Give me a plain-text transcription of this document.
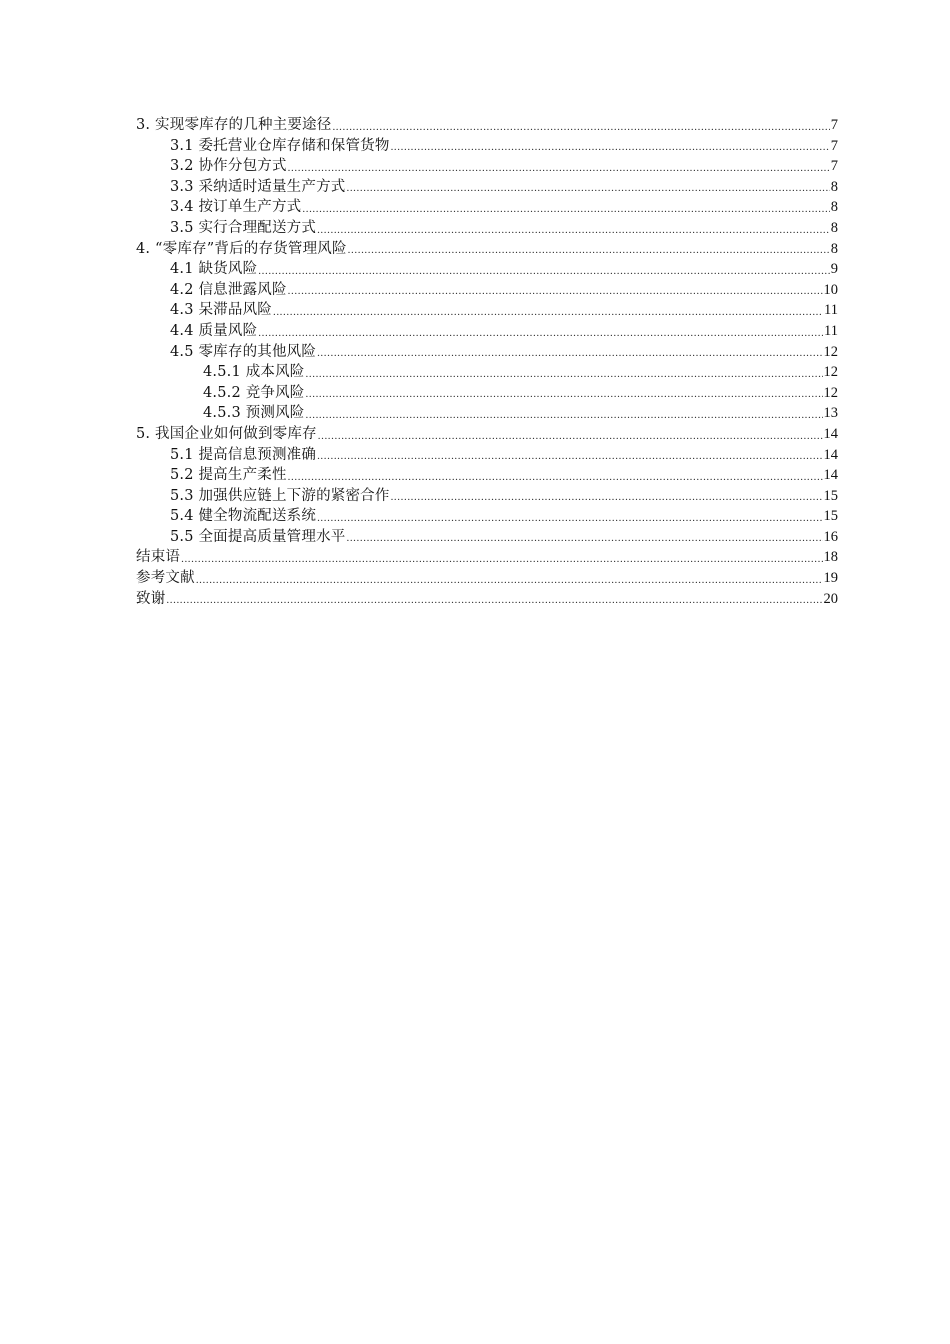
3. 实现零库存的几种主要途径 .....	7
3.1 委托营业仓库存储和保管货物 .....	7
3.2 协作分包方式 .....	7
3.3 采纳适时适量生产方式 .....	8
3.4 按订单生产方式 .....	8
3.5 实行合理配送方式 .....	8
4. “零库存”背后的存货管理风险 .....	8
4.1 缺货风险 .....	9
4.2 信息泄露风险 .....	10
4.3 呆滞品风险 .....	11
4.4 质量风险 .....	11
4.5 零库存的其他风险 .....	12
4.5.1 成本风险 .....	12
4.5.2 竞争风险 .....	12
4.5.3 预测风险 .....	13
5. 我国企业如何做到零库存 .....	14
5.1 提高信息预测准确 .....	14
5.2 提高生产柔性 .....	14
5.3 加强供应链上下游的紧密合作 .....	15
5.4 健全物流配送系统 .....	15
5.5 全面提高质量管理水平 .....	16
结束语 .....	18
参考文献 .....	19
致谢 .....	20
